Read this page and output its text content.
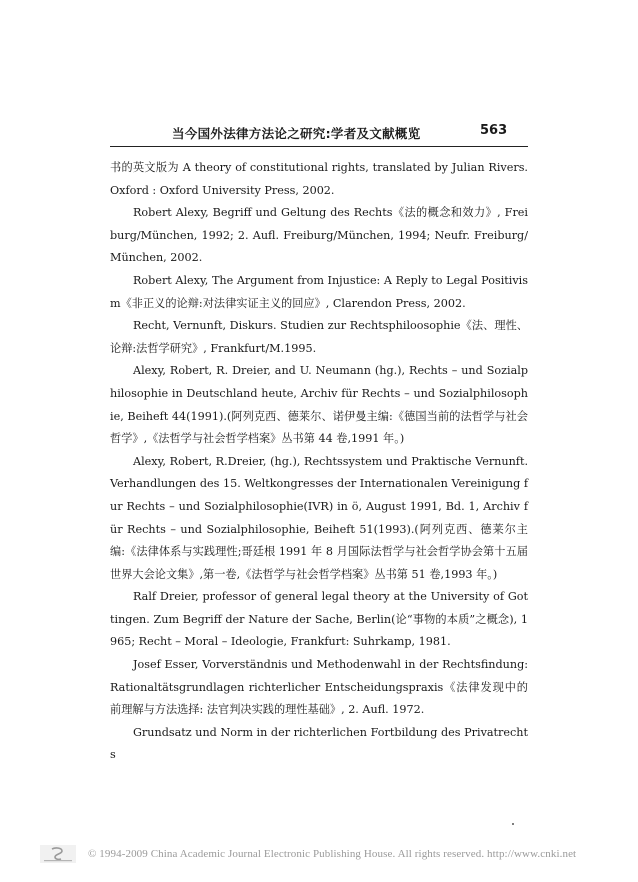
当今国外法律方法论之研究:学者及文献概览	563

书的英文版为 A theory of constitutional rights, translated by Julian Rivers. Oxford : Oxford University Press, 2002.

Robert Alexy, Begriff und Geltung des Rechts《法的概念和效力》, Freiburg/München, 1992; 2. Aufl. Freiburg/München, 1994; Neufr. Freiburg/München, 2002.

Robert Alexy, The Argument from Injustice: A Reply to Legal Positivism《非正义的论辩:对法律实证主义的回应》, Clarendon Press, 2002.

Recht, Vernunft, Diskurs. Studien zur Rechtsphiloosophie《法、理性、论辩:法哲学研究》, Frankfurt/M.1995.

Alexy, Robert, R. Dreier, and U. Neumann (hg.), Rechts – und Sozialphilosophie in Deutschland heute, Archiv für Rechts – und Sozialphilosophie, Beiheft 44(1991).(阿列克西、德莱尔、诺伊曼主编:《德国当前的法哲学与社会哲学》,《法哲学与社会哲学档案》丛书第 44 卷,1991 年。)

Alexy, Robert, R.Dreier, (hg.), Rechtssystem und Praktische Vernunft. Verhandlungen des 15. Weltkongresses der Internationalen Vereinigung fur Rechts – und Sozialphilosophie(IVR) in ö, August 1991, Bd. 1, Archiv für Rechts – und Sozialphilosophie, Beiheft 51(1993).(阿列克西、德莱尔主编:《法律体系与实践理性;哥廷根 1991 年 8 月国际法哲学与社会哲学协会第十五届世界大会论文集》,第一卷,《法哲学与社会哲学档案》丛书第 51 卷,1993 年。)

Ralf Dreier, professor of general legal theory at the University of Gottingen. Zum Begriff der Nature der Sache, Berlin(论“事物的本质”之概念), 1965; Recht – Moral – Ideologie, Frankfurt: Suhrkamp, 1981.

Josef Esser, Vorverständnis und Methodenwahl in der Rechtsfindung: Rationaltätsgrundlagen richterlicher Entscheidungspraxis《法律发现中的前理解与方法选择: 法官判决实践的理性基础》, 2. Aufl. 1972.

Grundsatz und Norm in der richterlichen Fortbildung des Privatrechts

© 1994-2009 China Academic Journal Electronic Publishing House. All rights reserved. http://www.cnki.net
